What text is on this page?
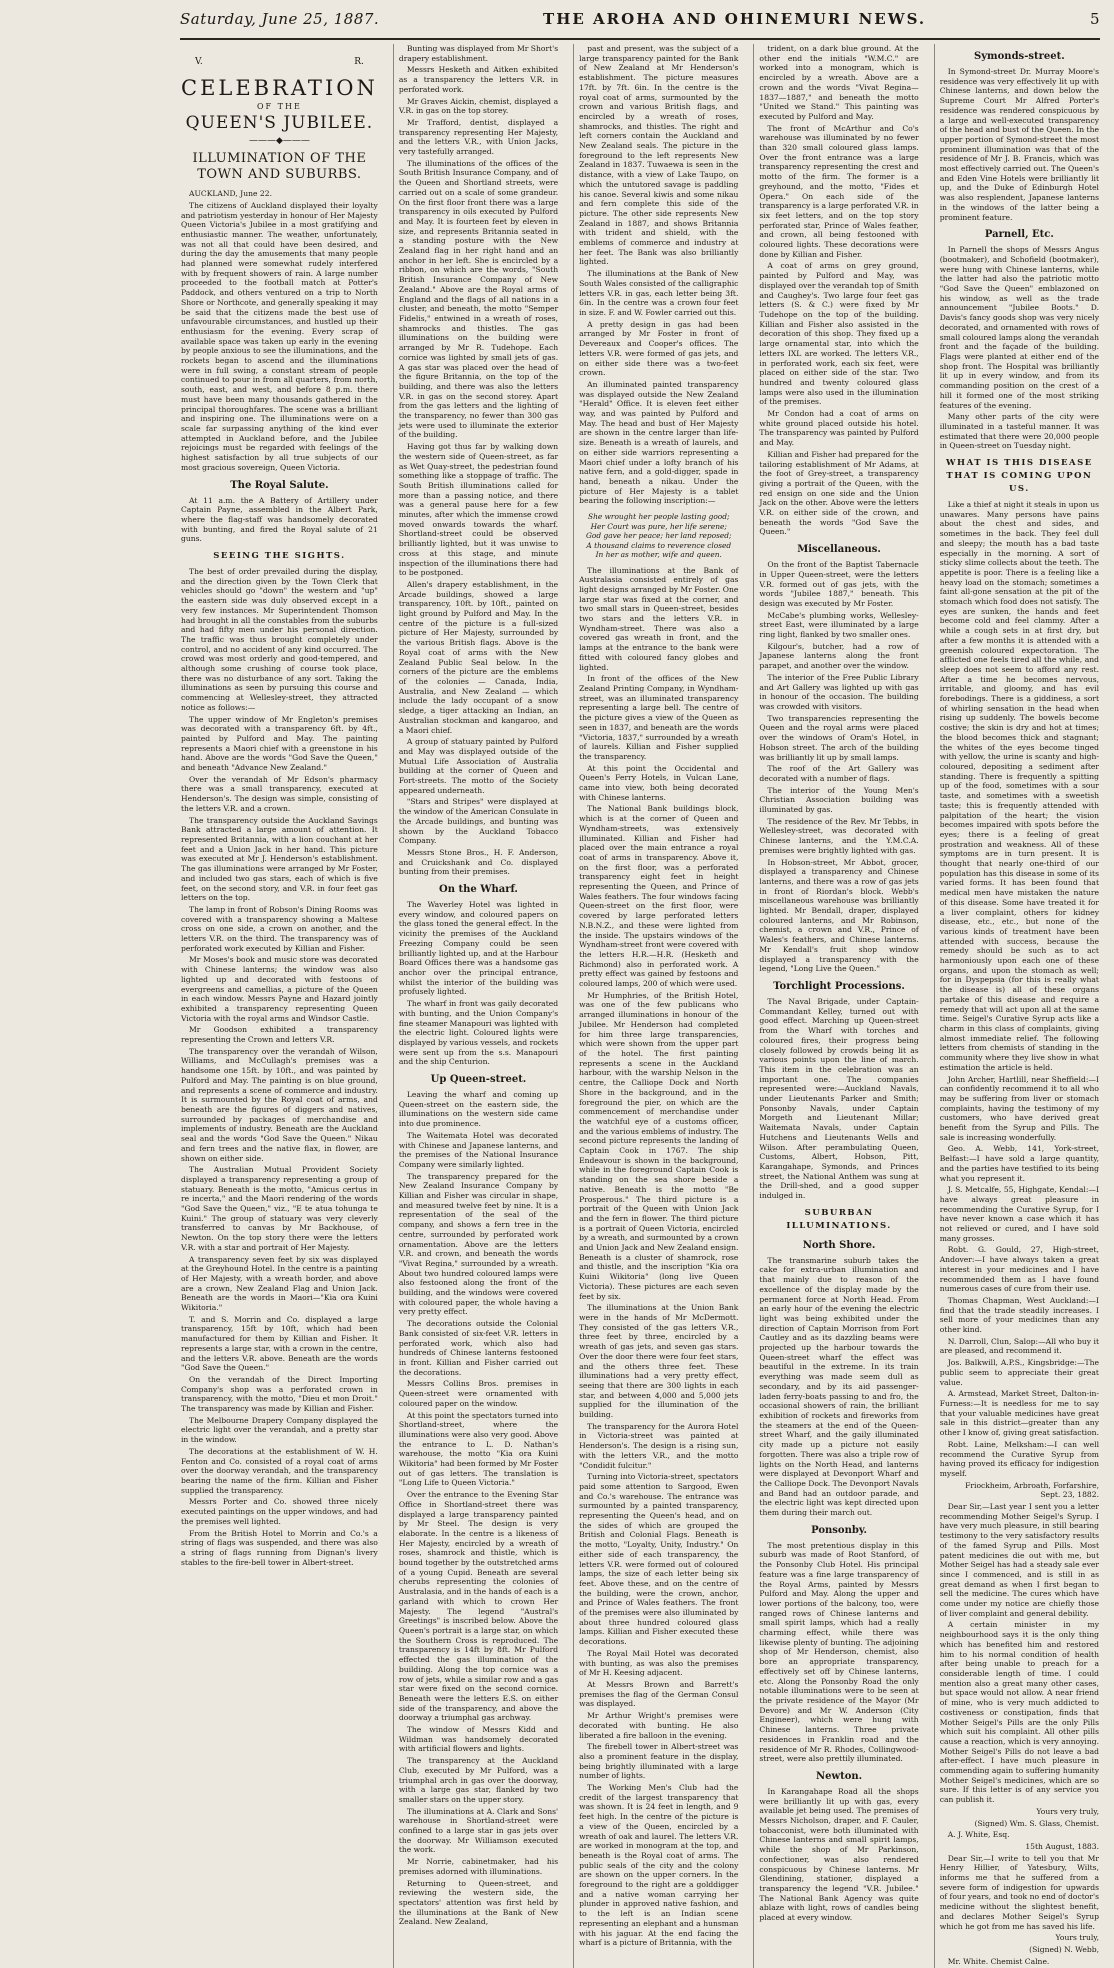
Saturday, June 25, 1887.	THE AROHA AND OHINEMURI NEWS.	5
V.	R.
CELEBRATION
OF THE
QUEEN'S JUBILEE.
———◆———
ILLUMINATION OF THE TOWN AND SUBURBS.

AUCKLAND, June 22.

The citizens of Auckland displayed their loyalty and patriotism yesterday in honour of Her Majesty Queen Victoria's Jubilee in a most gratifying and enthusiastic manner. The weather, unfortunately, was not all that could have been desired, and during the day the amusements that many people had planned were somewhat rudely interfered with by frequent showers of rain. A large number proceeded to the football match at Potter's Paddock, and others ventured on a trip to North Shore or Northcote, and generally speaking it may be said that the citizens made the best use of unfavourable circumstances, and hustled up their enthusiasm for the evening. Every scrap of available space was taken up early in the evening by people anxious to see the illuminations, and the rockets began to ascend and the illuminations were in full swing, a constant stream of people continued to pour in from all quarters, from north, south, east, and west, and before 8 p.m. there must have been many thousands gathered in the principal thoroughfares. The scene was a brilliant and inspiring one. The illuminations were on a scale far surpassing anything of the kind ever attempted in Auckland before, and the Jubilee rejoicings must be regarded with feelings of the highest satisfaction by all true subjects of our most gracious sovereign, Queen Victoria.

The Royal Salute.

At 11 a.m. the A Battery of Artillery under Captain Payne, assembled in the Albert Park, where the flag-staff was handsomely decorated with bunting, and fired the Royal salute of 21 guns.

SEEING THE SIGHTS.

The best of order prevailed during the display, and the direction given by the Town Clerk that vehicles should go "down" the western and "up" the eastern side was duly observed except in a very few instances. Mr Superintendent Thomson had brought in all the constables from the suburbs and had fifty men under his personal direction. The traffic was thus brought completely under control, and no accident of any kind occurred. The crowd was most orderly and good-tempered, and although some crushing of course took place, there was no disturbance of any sort. Taking the illuminations as seen by pursuing this course and commencing at Wellesley-street, they attracted notice as follows:—

The upper window of Mr Engleton's premises was decorated with a transparency 6ft. by 4ft., painted by Pulford and May. The painting represents a Maori chief with a greenstone in his hand. Above are the words "God Save the Queen," and beneath "Advance New Zealand."

Over the verandah of Mr Edson's pharmacy there was a small transparency, executed at Henderson's. The design was simple, consisting of the letters V.R. and a crown.

The transparency outside the Auckland Savings Bank attracted a large amount of attention. It represented Britannia, with a lion couchant at her feet and a Union Jack in her hand. This picture was executed at Mr J. Henderson's establishment. The gas illuminations were arranged by Mr Foster, and included two gas stars, each of which is five feet, on the second story, and V.R. in four feet gas letters on the top.

The lamp in front of Robson's Dining Rooms was covered with a transparency showing a Maltese cross on one side, a crown on another, and the letters V.R. on the third. The transparency was of perforated work executed by Killian and Fisher.

Mr Moses's book and music store was decorated with Chinese lanterns; the window was also lighted up and decorated with festoons of evergreens and camellias, a picture of the Queen in each window. Messrs Payne and Hazard jointly exhibited a transparency representing Queen Victoria with the royal arms and Windsor Castle.

Mr Goodson exhibited a transparency representing the Crown and letters V.R.

The transparency over the verandah of Wilson, Williams, and McCullagh's premises was a handsome one 15ft. by 10ft., and was painted by Pulford and May. The painting is on blue ground, and represents a scene of commerce and industry. It is surmounted by the Royal coat of arms, and beneath are the figures of diggers and natives, surrounded by packages of merchandise and implements of industry. Beneath are the Auckland seal and the words "God Save the Queen." Nikau and fern trees and the native flax, in flower, are shown on either side.

The Australian Mutual Provident Society displayed a transparency representing a group of statuary. Beneath is the motto, "Amicus certus in re incerta," and the Maori rendering of the words "God Save the Queen," viz., "E te atua tohunga te Kuini." The group of statuary was very cleverly transferred to canvas by Mr Backhouse, of Newton. On the top story there were the letters V.R. with a star and portrait of Her Majesty.

A transparency seven feet by six was displayed at the Greyhound Hotel. In the centre is a painting of Her Majesty, with a wreath border, and above are a crown, New Zealand Flag and Union Jack. Beneath are the words in Maori—"Kia ora Kuini Wikitoria."

T. and S. Morrin and Co. displayed a large transparency, 15ft by 10ft, which had been manufactured for them by Killian and Fisher. It represents a large star, with a crown in the centre, and the letters V.R. above. Beneath are the words "God Save the Queen."

On the verandah of the Direct Importing Company's shop was a perforated crown in transparency, with the motto, "Dieu et mon Droit." The transparency was made by Killian and Fisher.

The Melbourne Drapery Company displayed the electric light over the verandah, and a pretty star in the window.

The decorations at the establishment of W. H. Fenton and Co. consisted of a royal coat of arms over the doorway verandah, and the transparency bearing the name of the firm. Killian and Fisher supplied the transparency.

Messrs Porter and Co. showed three nicely executed paintings on the upper windows, and had the premises well lighted.

From the British Hotel to Morrin and Co.'s a string of flags was suspended, and there was also a string of flags running from Dignan's livery stables to the fire-bell tower in Albert-street.

Bunting was displayed from Mr Short's drapery establishment.

Messrs Hesketh and Aitken exhibited as a transparency the letters V.R. in perforated work.

Mr Graves Aickin, chemist, displayed a V.R. in gas on the top storey.

Mr Trafford, dentist, displayed a transparency representing Her Majesty, and the letters V.R., with Union Jacks, very tastefully arranged.

The illuminations of the offices of the South British Insurance Company, and of the Queen and Shortland streets, were carried out on a scale of some grandeur. On the first floor front there was a large transparency in oils executed by Pulford and May. It is fourteen feet by eleven in size, and represents Britannia seated in a standing posture with the New Zealand flag in her right hand and an anchor in her left. She is encircled by a ribbon, on which are the words, "South British Insurance Company of New Zealand." Above are the Royal arms of England and the flags of all nations in a cluster, and beneath, the motto "Semper Fidelis," entwined in a wreath of roses, shamrocks and thistles. The gas illuminations on the building were arranged by Mr R. Tudehope. Each cornice was lighted by small jets of gas. A gas star was placed over the head of the figure Britannia, on the top of the building, and there was also the letters V.R. in gas on the second storey. Apart from the gas letters and the lighting of the transparency, no fewer than 300 gas jets were used to illuminate the exterior of the building.

Having got thus far by walking down the western side of Queen-street, as far as Wet Quay-street, the pedestrian found something like a stoppage of traffic. The South British illuminations called for more than a passing notice, and there was a general pause here for a few minutes, after which the immense crowd moved onwards towards the wharf. Shortland-street could be observed brilliantly lighted, but it was unwise to cross at this stage, and minute inspection of the illuminations there had to be postponed.

Allen's drapery establishment, in the Arcade buildings, showed a large transparency, 10ft. by 10ft., painted on light ground by Pulford and May. In the centre of the picture is a full-sized picture of Her Majesty, surrounded by the various British flags. Above is the Royal coat of arms with the New Zealand Public Seal below. In the corners of the picture are the emblems of the colonies — Canada, India, Australia, and New Zealand — which include the lady occupant of a snow sledge, a tiger attacking an Indian, an Australian stockman and kangaroo, and a Maori chief.

A group of statuary painted by Pulford and May was displayed outside of the Mutual Life Association of Australia building at the corner of Queen and Fort-streets. The motto of the Society appeared underneath.

"Stars and Stripes" were displayed at the window of the American Consulate in the Arcade buildings, and bunting was shown by the Auckland Tobacco Company.

Messrs Stone Bros., H. F. Anderson, and Cruickshank and Co. displayed bunting from their premises.

On the Wharf.

The Waverley Hotel was lighted in every window, and coloured papers on the glass toned the general effect. In the vicinity the premises of the Auckland Freezing Company could be seen brilliantly lighted up, and at the Harbour Board Offices there was a handsome gas anchor over the principal entrance, whilst the interior of the building was profusely lighted.

The wharf in front was gaily decorated with bunting, and the Union Company's fine steamer Manapouri was lighted with the electric light. Coloured lights were displayed by various vessels, and rockets were sent up from the s.s. Manapouri and the ship Centurion.

Up Queen-street.

Leaving the wharf and coming up Queen-street on the eastern side, the illuminations on the western side came into due prominence.

The Waitemata Hotel was decorated with Chinese and Japanese lanterns, and the premises of the National Insurance Company were similarly lighted.

The transparency prepared for the New Zealand Insurance Company by Killian and Fisher was circular in shape, and measured twelve feet by nine. It is a representation of the seal of the company, and shows a fern tree in the centre, surrounded by perforated work ornamentation. Above are the letters V.R. and crown, and beneath the words "Vivat Regina," surrounded by a wreath. About two hundred coloured lamps were also festooned along the front of the building, and the windows were covered with coloured paper, the whole having a very pretty effect.

The decorations outside the Colonial Bank consisted of six-feet V.R. letters in perforated work, which also had hundreds of Chinese lanterns festooned in front. Killian and Fisher carried out the decorations.

Messrs Collins Bros. premises in Queen-street were ornamented with coloured paper on the window.

At this point the spectators turned into Shortland-street, where the illuminations were also very good. Above the entrance to L. D. Nathan's warehouse, the motto "Kia ora Kuini Wikitoria" had been formed by Mr Foster out of gas letters. The translation is "Long Life to Queen Victoria."

Over the entrance to the Evening Star Office in Shortland-street there was displayed a large transparency painted by Mr Steel. The design is very elaborate. In the centre is a likeness of Her Majesty, encircled by a wreath of roses, shamrock and thistle, which is bound together by the outstretched arms of a young Cupid. Beneath are several cherubs representing the colonies of Australasia, and in the hands of each is a garland with which to crown Her Majesty. The legend "Austral's Greetings" is inscribed below. Above the Queen's portrait is a large star, on which the Southern Cross is reproduced. The transparency is 14ft by 8ft. Mr Pulford effected the gas illumination of the building. Along the top cornice was a row of jets, while a similar row and a gas star were fixed on the second cornice. Beneath were the letters E.S. on either side of the transparency, and above the doorway a triumphal gas archway.

The window of Messrs Kidd and Wildman was handsomely decorated with artificial flowers and lights.

The transparency at the Auckland Club, executed by Mr Pulford, was a triumphal arch in gas over the doorway, with a large gas star, flanked by two smaller stars on the upper story.

The illuminations at A. Clark and Sons' warehouse in Shortland-street were confined to a large star in gas jets over the doorway. Mr Williamson executed the work.

Mr Norrie, cabinetmaker, had his premises adorned with illuminations.

Returning to Queen-street, and reviewing the western side, the spectators' attention was first held by the illuminations at the Bank of New Zealand. New Zealand,

past and present, was the subject of a large transparency painted for the Bank of New Zealand at Mr Henderson's establishment. The picture measures 17ft. by 7ft. 6in. In the centre is the royal coat of arms, surmounted by the crown and various British flags, and encircled by a wreath of roses, shamrocks, and thistles. The right and left corners contain the Auckland and New Zealand seals. The picture in the foreground to the left represents New Zealand in 1837. Tuwaewa is seen in the distance, with a view of Lake Taupo, on which the untutored savage is paddling his canoe. Several kiwis and some nikau and fern complete this side of the picture. The other side represents New Zealand in 1887, and shows Britannia with trident and shield, with the emblems of commerce and industry at her feet. The Bank was also brilliantly lighted.

The illuminations at the Bank of New South Wales consisted of the calligraphic letters V.R. in gas, each letter being 3ft. 6in. In the centre was a crown four feet in size. F. and W. Fowler carried out this.

A pretty design in gas had been arranged by Mr Foster in front of Devereaux and Cooper's offices. The letters V.R. were formed of gas jets, and on either side there was a two-feet crown.

An illuminated painted transparency was displayed outside the New Zealand "Herald" Office. It is eleven feet either way, and was painted by Pulford and May. The head and bust of Her Majesty are shown in the centre larger than life-size. Beneath is a wreath of laurels, and on either side warriors representing a Maori chief under a lofty branch of his native fern, and a gold-digger, spade in hand, beneath a nikau. Under the picture of Her Majesty is a tablet bearing the following inscription:—

She wrought her people lasting good;
Her Court was pure, her life serene;
God gave her peace; her land reposed;
A thousand claims to reverence closed
In her as mother, wife and queen.

The illuminations at the Bank of Australasia consisted entirely of gas light designs arranged by Mr Foster. One large star was fixed at the corner, and two small stars in Queen-street, besides two stars and the letters V.R. in Wyndham-street. There was also a covered gas wreath in front, and the lamps at the entrance to the bank were fitted with coloured fancy globes and lighted.

In front of the offices of the New Zealand Printing Company, in Wyndham-street, was an illuminated transparency representing a large bell. The centre of the picture gives a view of the Queen as seen in 1837, and beneath are the words "Victoria, 1837," surrounded by a wreath of laurels. Killian and Fisher supplied the transparency.

At this point the Occidental and Queen's Ferry Hotels, in Vulcan Lane, came into view, both being decorated with Chinese lanterns.

The National Bank buildings block, which is at the corner of Queen and Wyndham-streets, was extensively illuminated. Killian and Fisher had placed over the main entrance a royal coat of arms in transparency. Above it, on the first floor, was a perforated transparency eight feet in height representing the Queen, and Prince of Wales feathers. The four windows facing Queen-street on the first floor, were covered by large perforated letters N.B.N.Z., and these were lighted from the inside. The upstairs windows of the Wyndham-street front were covered with the letters H.R.—H.R. (Hesketh and Richmond) also in perforated work. A pretty effect was gained by festoons and coloured lamps, 200 of which were used.

Mr Humphries, of the British Hotel, was one of the few publicans who arranged illuminations in honour of the Jubilee. Mr Henderson had completed for him three large transparencies, which were shown from the upper part of the hotel. The first painting represents a scene in the Auckland harbour, with the warship Nelson in the centre, the Calliope Dock and North Shore in the background, and in the foreground the pier, on which are the commencement of merchandise under the watchful eye of a customs officer, and the various emblems of industry. The second picture represents the landing of Captain Cook in 1767. The ship Endeavour is shown in the background, while in the foreground Captain Cook is standing on the sea shore beside a native. Beneath is the motto "Be Prosperous." The third picture is a portrait of the Queen with Union Jack and the fern in flower. The third picture is a portrait of Queen Victoria, encircled by a wreath, and surmounted by a crown and Union Jack and New Zealand ensign. Beneath is a cluster of shamrock, rose and thistle, and the inscription "Kia ora Kuini Wikitoria" (long live Queen Victoria). These pictures are each seven feet by six.

The illuminations at the Union Bank were in the hands of Mr McDermott. They consisted of the gas letters V.R., three feet by three, encircled by a wreath of gas jets, and seven gas stars. Over the door there were four feet stars, and the others three feet. These illuminations had a very pretty effect, seeing that there are 300 lights in each star, and between 4,000 and 5,000 jets supplied for the illumination of the building.

The transparency for the Aurora Hotel in Victoria-street was painted at Henderson's. The design is a rising sun, with the letters V.R., and the motto "Condidit fulcitur."

Turning into Victoria-street, spectators paid some attention to Sargood, Ewen and Co.'s warehouse. The entrance was surmounted by a painted transparency, representing the Queen's head, and on the sides of which are grouped the British and Colonial Flags. Beneath is the motto, "Loyalty, Unity, Industry." On either side of each transparency, the letters V.R. were formed out of coloured lamps, the size of each letter being six feet. Above these, and on the centre of the building, were the crown, anchor, and Prince of Wales feathers. The front of the premises were also illuminated by about three hundred coloured glass lamps. Killian and Fisher executed these decorations.

The Royal Mail Hotel was decorated with bunting, as was also the premises of Mr H. Keesing adjacent.

At Messrs Brown and Barrett's premises the flag of the German Consul was displayed.

Mr Arthur Wright's premises were decorated with bunting. He also liberated a fire balloon in the evening.

The firebell tower in Albert-street was also a prominent feature in the display, being brightly illuminated with a large number of lights.

The Working Men's Club had the credit of the largest transparency that was shown. It is 24 feet in length, and 9 feet high. In the centre of the picture is a view of the Queen, encircled by a wreath of oak and laurel. The letters V.R. are worked in monogram at the top, and beneath is the Royal coat of arms. The public seals of the city and the colony are shown on the upper corners. In the foreground to the right are a golddigger and a native woman carrying her plunder in approved native fashion, and to the left is an Indian scene representing an elephant and a hunsman with his jaguar. At the end facing the wharf is a picture of Britannia, with the

trident, on a dark blue ground. At the other end the initials "W.M.C." are worked into a monogram, which is encircled by a wreath. Above are a crown and the words "Vivat Regina—1837—1887," and beneath the motto "United we Stand." This painting was executed by Pulford and May.

The front of McArthur and Co's warehouse was illuminated by no fewer than 320 small coloured glass lamps. Over the front entrance was a large transparency representing the crest and motto of the firm. The former is a greyhound, and the motto, "Fides et Opera." On each side of the transparency is a large perforated V.R. in six feet letters, and on the top story perforated star, Prince of Wales feather, and crown, all being festooned with coloured lights. These decorations were done by Killian and Fisher.

A coat of arms on grey ground, painted by Pulford and May, was displayed over the verandah top of Smith and Caughey's. Two large four feet gas letters (S. & C.) were fixed by Mr Tudehope on the top of the building. Killian and Fisher also assisted in the decoration of this shop. They fixed up a large ornamental star, into which the letters IXL are worked. The letters V.R., in perforated work, each six feet, were placed on either side of the star. Two hundred and twenty coloured glass lamps were also used in the illumination of the premises.

Mr Condon had a coat of arms on white ground placed outside his hotel. The transparency was painted by Pulford and May.

Killian and Fisher had prepared for the tailoring establishment of Mr Adams, at the foot of Grey-street, a transparency giving a portrait of the Queen, with the red ensign on one side and the Union Jack on the other. Above were the letters V.R. on either side of the crown, and beneath the words "God Save the Queen."

Miscellaneous.

On the front of the Baptist Tabernacle in Upper Queen-street, were the letters V.R. formed out of gas jets, with the words "Jubilee 1887," beneath. This design was executed by Mr Foster.

McCabe's plumbing works, Wellesley-street East, were illuminated by a large ring light, flanked by two smaller ones.

Kilgour's, butcher, had a row of Japanese lanterns along the front parapet, and another over the window.

The interior of the Free Public Library and Art Gallery was lighted up with gas in honour of the occasion. The building was crowded with visitors.

Two transparencies representing the Queen and the royal arms were placed over the windows of Oram's Hotel, in Hobson street. The arch of the building was brilliantly lit up by small lamps.

The roof of the Art Gallery was decorated with a number of flags.

The interior of the Young Men's Christian Association building was illuminated by gas.

The residence of the Rev. Mr Tebbs, in Wellesley-street, was decorated with Chinese lanterns, and the Y.M.C.A. premises were brightly lighted with gas.

In Hobson-street, Mr Abbot, grocer, displayed a transparency and Chinese lanterns, and there was a row of gas jets in front of Riordan's block. Webb's miscellaneous warehouse was brilliantly lighted. Mr Bendall, draper, displayed coloured lanterns, and Mr Robinson, chemist, a crown and V.R., Prince of Wales's feathers, and Chinese lanterns. Mr Kendall's fruit shop window displayed a transparency with the legend, "Long Live the Queen."

Torchlight Processions.

The Naval Brigade, under Captain-Commandant Kelley, turned out with good effect. Marching up Queen-street from the Wharf with torches and coloured fires, their progress being closely followed by crowds being lit as various points upon the line of march. This item in the celebration was an important one. The companies represented were:—Auckland Navals, under Lieutenants Parker and Smith; Ponsonby Navals, under Captain Morgeth and Lieutenant Millar; Waitemata Navals, under Captain Hutchens and Lieutenants Wells and Wilson. After perambulating Queen, Customs, Albert, Hobson, Pitt, Karangahape, Symonds, and Princes street, the National Anthem was sung at the Drill-shed, and a good supper indulged in.

SUBURBAN ILLUMINATIONS.
North Shore.

The transmarine suburb takes the cake for extra-urban illumination and that mainly due to reason of the excellence of the display made by the permanent force at North Head. From an early hour of the evening the electric light was being exhibited under the direction of Captain Morrison from Fort Cautley and as its dazzling beams were projected up the harbour towards the Queen-street wharf the effect was beautiful in the extreme. In its train everything was made seem dull as secondary, and by its aid passenger-laden ferry-boats passing to and fro, the occasional showers of rain, the brilliant exhibition of rockets and fireworks from the steamers at the end of the Queen-street Wharf, and the gaily illuminated city made up a picture not easily forgotten. There was also a triple row of lights on the North Head, and lanterns were displayed at Devonport Wharf and the Calliope Dock. The Devonport Navals and Band had an outdoor parade, and the electric light was kept directed upon them during their march out.

Ponsonby.

The most pretentious display in this suburb was made of Root Stanford, of the Ponsonby Club Hotel. His principal feature was a fine large transparency of the Royal Arms, painted by Messrs Pulford and May. Along the upper and lower portions of the balcony, too, were ranged rows of Chinese lanterns and small spirit lamps, which had a really charming effect, while there was likewise plenty of bunting. The adjoining shop of Mr Henderson, chemist, also bore an appropriate transparency, effectively set off by Chinese lanterns, etc. Along the Ponsonby Road the only notable illuminations were to be seen at the private residence of the Mayor (Mr Devore) and Mr W. Anderson (City Engineer), which were hung with Chinese lanterns. Three private residences in Franklin road and the residence of Mr R. Rhodes, Collingwood-street, were also prettily illuminated.

Newton.

In Karangahape Road all the shops were brilliantly lit up with gas, every available jet being used. The premises of Messrs Nicholson, draper, and F. Cauler, tobacconist, were both illuminated with Chinese lanterns and small spirit lamps, while the shop of Mr Parkinson, confectioner, was also rendered conspicuous by Chinese lanterns. Mr Glendining, stationer, displayed a transparency the legend "V.R. Jubilee." The National Bank Agency was quite ablaze with light, rows of candles being placed at every window.

Symonds-street.

In Symond-street Dr. Murray Moore's residence was very effectively lit up with Chinese lanterns, and down below the Supreme Court Mr Alfred Porter's residence was rendered conspicuous by a large and well-executed transparency of the head and bust of the Queen. In the upper portion of Symond-street the most prominent illumination was that of the residence of Mr J. B. Francis, which was most effectively carried out. The Queen's and Eden Vine Hotels were brilliantly lit up, and the Duke of Edinburgh Hotel was also resplendent, Japanese lanterns in the windows of the latter being a prominent feature.

Parnell, Etc.

In Parnell the shops of Messrs Angus (bootmaker), and Schofield (bootmaker), were hung with Chinese lanterns, while the latter had also the patriotic motto "God Save the Queen" emblazoned on his window, as well as the trade announcement "Jubilee Boots." D. Davis's fancy goods shop was very nicely decorated, and ornamented with rows of small coloured lamps along the verandah front and the façade of the building. Flags were planted at either end of the shop front. The Hospital was brilliantly lit up in every window, and from its commanding position on the crest of a hill it formed one of the most striking features of the evening.

Many other parts of the city were illuminated in a tasteful manner. It was estimated that there were 20,000 people in Queen-street on Tuesday night.

WHAT IS THIS DISEASE THAT IS COMING UPON US.

Like a thief at night it steals in upon us unawares. Many persons have pains about the chest and sides, and sometimes in the back. They feel dull and sleepy; the mouth has a bad taste especially in the morning. A sort of sticky slime collects about the teeth. The appetite is poor. There is a feeling like a heavy load on the stomach; sometimes a faint all-gone sensation at the pit of the stomach which food does not satisfy. The eyes are sunken, the hands and feet become cold and feel clammy. After a while a cough sets in at first dry, but after a few months it is attended with a greenish coloured expectoration. The afflicted one feels tired all the while, and sleep does not seem to afford any rest. After a time he becomes nervous, irritable, and gloomy, and has evil forebodings. There is a giddiness, a sort of whirling sensation in the head when rising up suddenly. The bowels become costive; the skin is dry and hot at times; the blood becomes thick and stagnant; the whites of the eyes become tinged with yellow, the urine is scanty and high-coloured, depositing a sediment after standing. There is frequently a spitting up of the food, sometimes with a sour taste, and sometimes with a sweetish taste; this is frequently attended with palpitation of the heart; the vision becomes impaired with spots before the eyes; there is a feeling of great prostration and weakness. All of these symptoms are in turn present. It is thought that nearly one-third of our population has this disease in some of its varied forms. It has been found that medical men have mistaken the nature of this disease. Some have treated it for a liver complaint, others for kidney disease, etc., etc., but none of the various kinds of treatment have been attended with success, because the remedy should be such as to act harmoniously upon each one of these organs, and upon the stomach as well; for in Dyspepsia (for this is really what the disease is) all of these organs partake of this disease and require a remedy that will act upon all at the same time. Seigel's Curative Syrup acts like a charm in this class of complaints, giving almost immediate relief. The following letters from chemists of standing in the community where they live show in what estimation the article is held.

John Archer, Hartlill, near Sheffield:—I can confidently recommend it to all who may be suffering from liver or stomach complaints, having the testimony of my customers, who have derived great benefit from the Syrup and Pills. The sale is increasing wonderfully.

Geo. A. Webb, 141, York-street, Belfast:—I have sold a large quantity, and the parties have testified to its being what you represent it.

J. S. Metcalfe, 55, Highgate, Kendal:—I have always great pleasure in recommending the Curative Syrup, for I have never known a case which it has not relieved or cured, and I have sold many grosses.

Robt. G. Gould, 27, High-street, Andover:—I have always taken a great interest in your medicines and I have recommended them as I have found numerous cases of cure from their use.

Thomas Chapman, West Auckland:—I find that the trade steadily increases. I sell more of your medicines than any other kind.

N. Darroll, Clun, Salop:—All who buy it are pleased, and recommend it.

Jos. Balkwill, A.P.S., Kingsbridge:—The public seem to appreciate their great value.

A. Armstead, Market Street, Dalton-in-Furness:—It is needless for me to say that your valuable medicines have great sale in this district—greater than any other I know of, giving great satisfaction.

Robt. Laine, Melksham:—I can well recommend the Curative Syrup from having proved its efficacy for indigestion myself.

Friockheim, Arbroath, Forfarshire, Sept. 23, 1882.

Dear Sir,—Last year I sent you a letter recommending Mother Seigel's Syrup. I have very much pleasure, in still bearing testimony to the very satisfactory results of the famed Syrup and Pills. Most patent medicines die out with me, but Mother Seigel has had a steady sale ever since I commenced, and is still in as great demand as when I first began to sell the medicine. The cures which have come under my notice are chiefly those of liver complaint and general debility.

A certain minister in my neighbourhood says it is the only thing which has benefited him and restored him to his normal condition of health after being unable to preach for a considerable length of time. I could mention also a great many other cases, but space would not allow. A near friend of mine, who is very much addicted to costiveness or constipation, finds that Mother Seigel's Pills are the only Pills which suit his complaint. All other pills cause a reaction, which is very annoying. Mother Seigel's Pills do not leave a bad after-effect. I have much pleasure in commending again to suffering humanity Mother Seigel's medicines, which are so sure. If this letter is of any service you can publish it.

Yours very truly,

(Signed) Wm. S. Glass, Chemist.

A. J. White, Esq.

15th August, 1883.

Dear Sir,—I write to tell you that Mr Henry Hillier, of Yatesbury, Wilts, informs me that he suffered from a severe form of indigestion for upwards of four years, and took no end of doctor's medicine without the slightest benefit, and declares Mother Seigel's Syrup which he got from me has saved his life.

Yours truly,

(Signed) N. Webb,

Mr. White. Chemist Calne.
